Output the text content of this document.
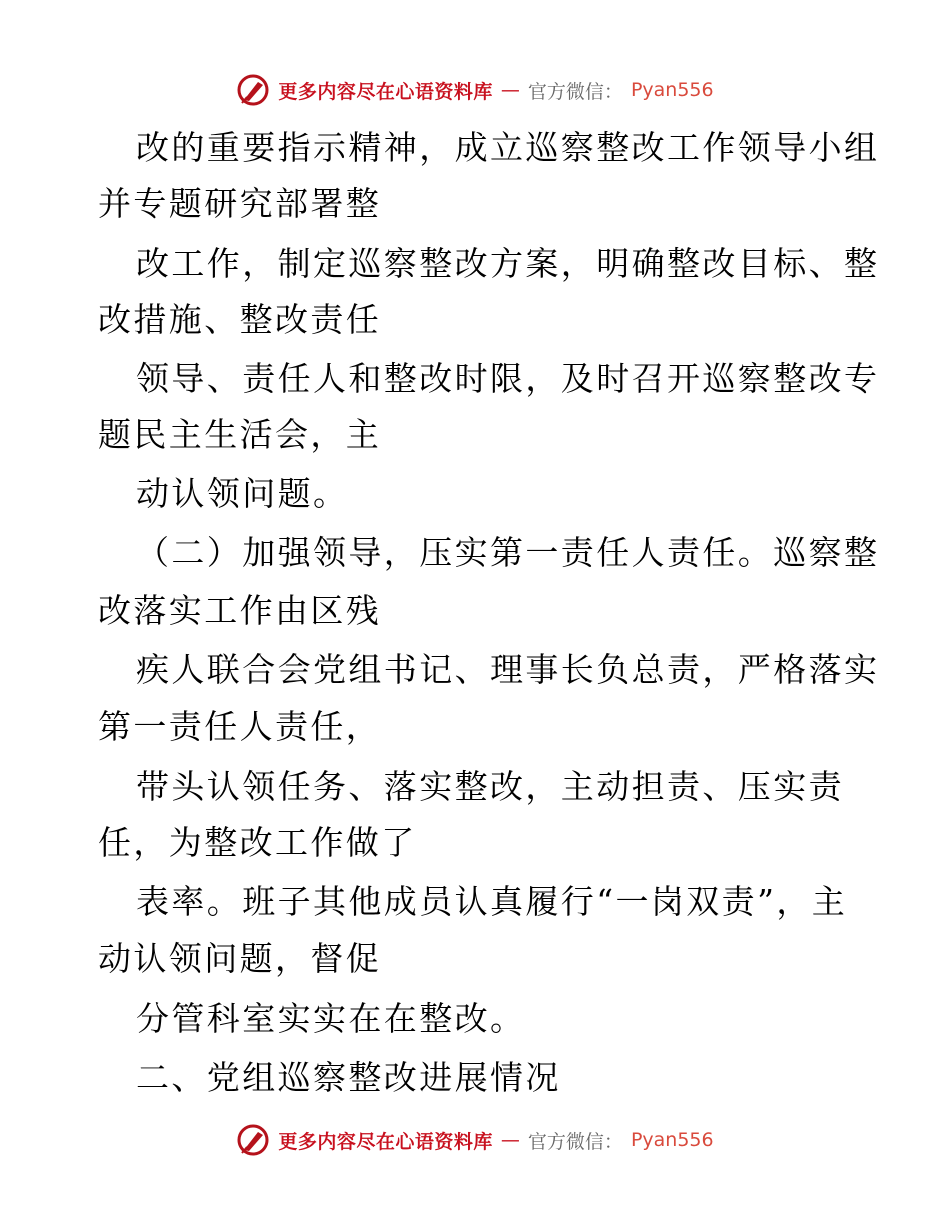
更多内容尽在心语资料库 — 官方微信： Pyan556
改的重要指示精神，成立巡察整改工作领导小组
并专题研究部署整
改工作，制定巡察整改方案，明确整改目标、整
改措施、整改责任
领导、责任人和整改时限，及时召开巡察整改专
题民主生活会，主
动认领问题。
（二）加强领导，压实第一责任人责任。巡察整
改落实工作由区残
疾人联合会党组书记、理事长负总责，严格落实
第一责任人责任，
带头认领任务、落实整改，主动担责、压实责
任，为整改工作做了
表率。班子其他成员认真履行“一岗双责”，主
动认领问题，督促
分管科室实实在在整改。
二、党组巡察整改进展情况
更多内容尽在心语资料库 — 官方微信： Pyan556
